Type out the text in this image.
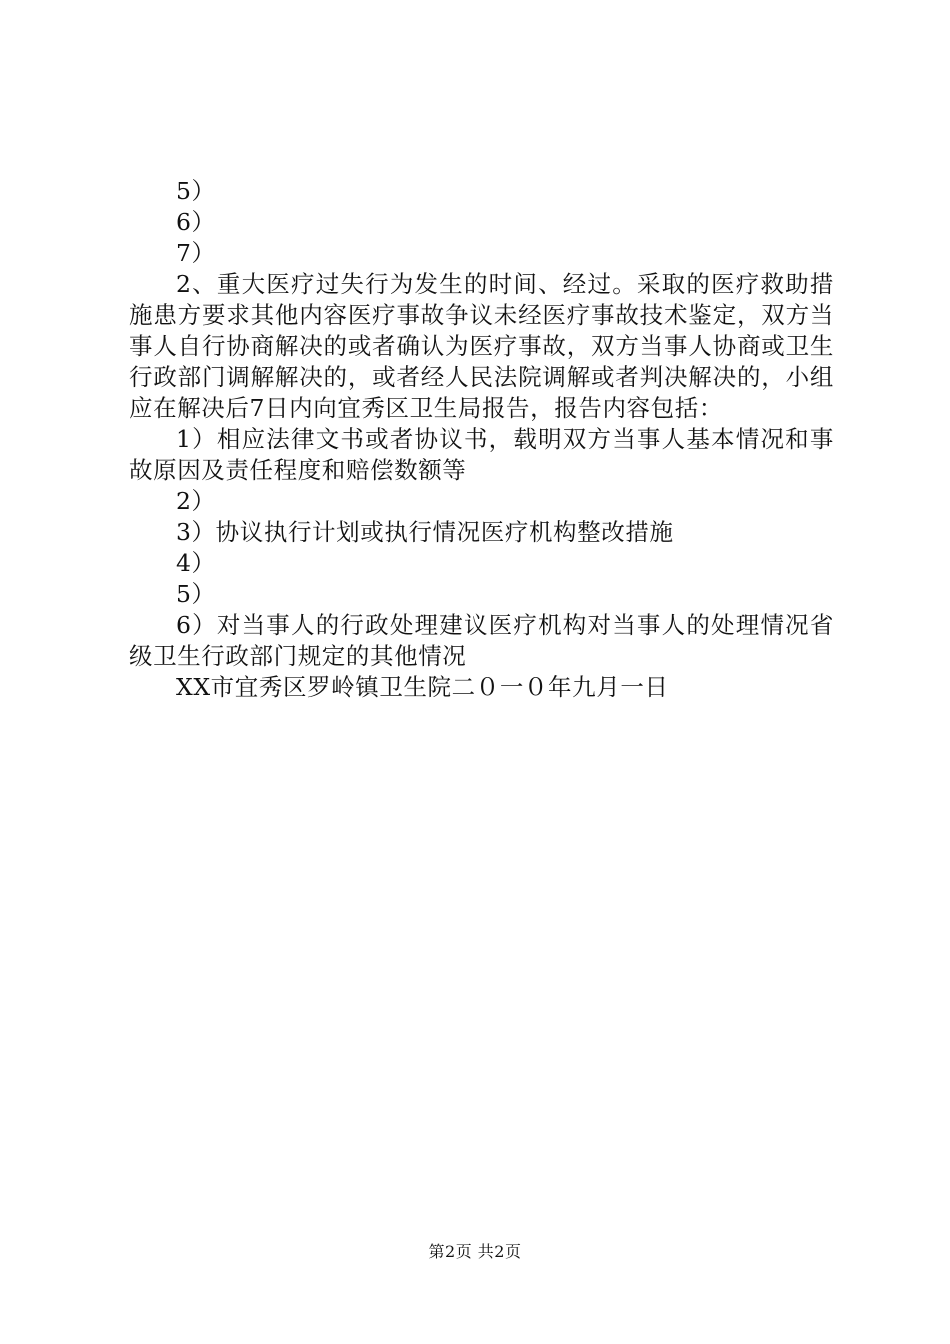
5）

6）

7）

2、重大医疗过失行为发生的时间、经过。采取的医疗救助措施患方要求其他内容医疗事故争议未经医疗事故技术鉴定，双方当事人自行协商解决的或者确认为医疗事故，双方当事人协商或卫生行政部门调解解决的，或者经人民法院调解或者判决解决的，小组应在解决后7日内向宜秀区卫生局报告，报告内容包括：

1）相应法律文书或者协议书，载明双方当事人基本情况和事故原因及责任程度和赔偿数额等

2）

3）协议执行计划或执行情况医疗机构整改措施

4）

5）

6）对当事人的行政处理建议医疗机构对当事人的处理情况省级卫生行政部门规定的其他情况

XX市宜秀区罗岭镇卫生院二０一０年九月一日

第2页 共2页
